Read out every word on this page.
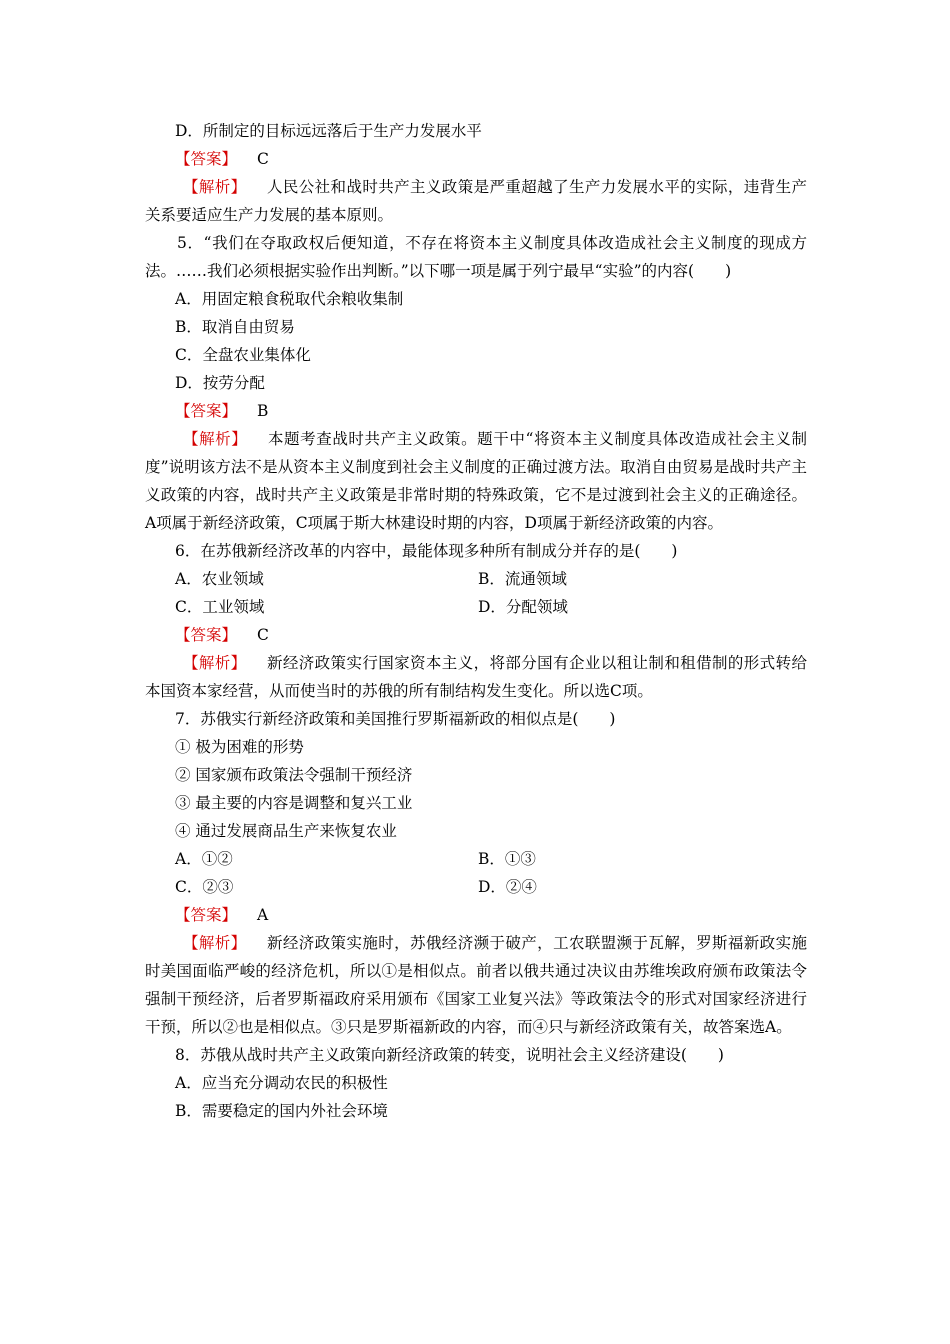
D．所制定的目标远远落后于生产力发展水平
【答案】 C
【解析】 人民公社和战时共产主义政策是严重超越了生产力发展水平的实际，违背生产关系要适应生产力发展的基本原则。
5．“我们在夺取政权后便知道，不存在将资本主义制度具体改造成社会主义制度的现成方法。……我们必须根据实验作出判断。”以下哪一项是属于列宁最早“实验”的内容(　　)
A．用固定粮食税取代余粮收集制
B．取消自由贸易
C．全盘农业集体化
D．按劳分配
【答案】 B
【解析】 本题考查战时共产主义政策。题干中“将资本主义制度具体改造成社会主义制度”说明该方法不是从资本主义制度到社会主义制度的正确过渡方法。取消自由贸易是战时共产主义政策的内容，战时共产主义政策是非常时期的特殊政策，它不是过渡到社会主义的正确途径。A项属于新经济政策，C项属于斯大林建设时期的内容，D项属于新经济政策的内容。
6．在苏俄新经济改革的内容中，最能体现多种所有制成分并存的是(　　)
A．农业领域	B．流通领域
C．工业领域	D．分配领域
【答案】 C
【解析】 新经济政策实行国家资本主义，将部分国有企业以租让制和租借制的形式转给本国资本家经营，从而使当时的苏俄的所有制结构发生变化。所以选C项。
7．苏俄实行新经济政策和美国推行罗斯福新政的相似点是(　　)
① 极为困难的形势
② 国家颁布政策法令强制干预经济
③ 最主要的内容是调整和复兴工业
④ 通过发展商品生产来恢复农业
A．①②	B．①③
C．②③	D．②④
【答案】 A
【解析】 新经济政策实施时，苏俄经济濒于破产，工农联盟濒于瓦解，罗斯福新政实施时美国面临严峻的经济危机，所以①是相似点。前者以俄共通过决议由苏维埃政府颁布政策法令强制干预经济，后者罗斯福政府采用颁布《国家工业复兴法》等政策法令的形式对国家经济进行干预，所以②也是相似点。③只是罗斯福新政的内容，而④只与新经济政策有关，故答案选A。
8．苏俄从战时共产主义政策向新经济政策的转变，说明社会主义经济建设(　　)
A．应当充分调动农民的积极性
B．需要稳定的国内外社会环境
